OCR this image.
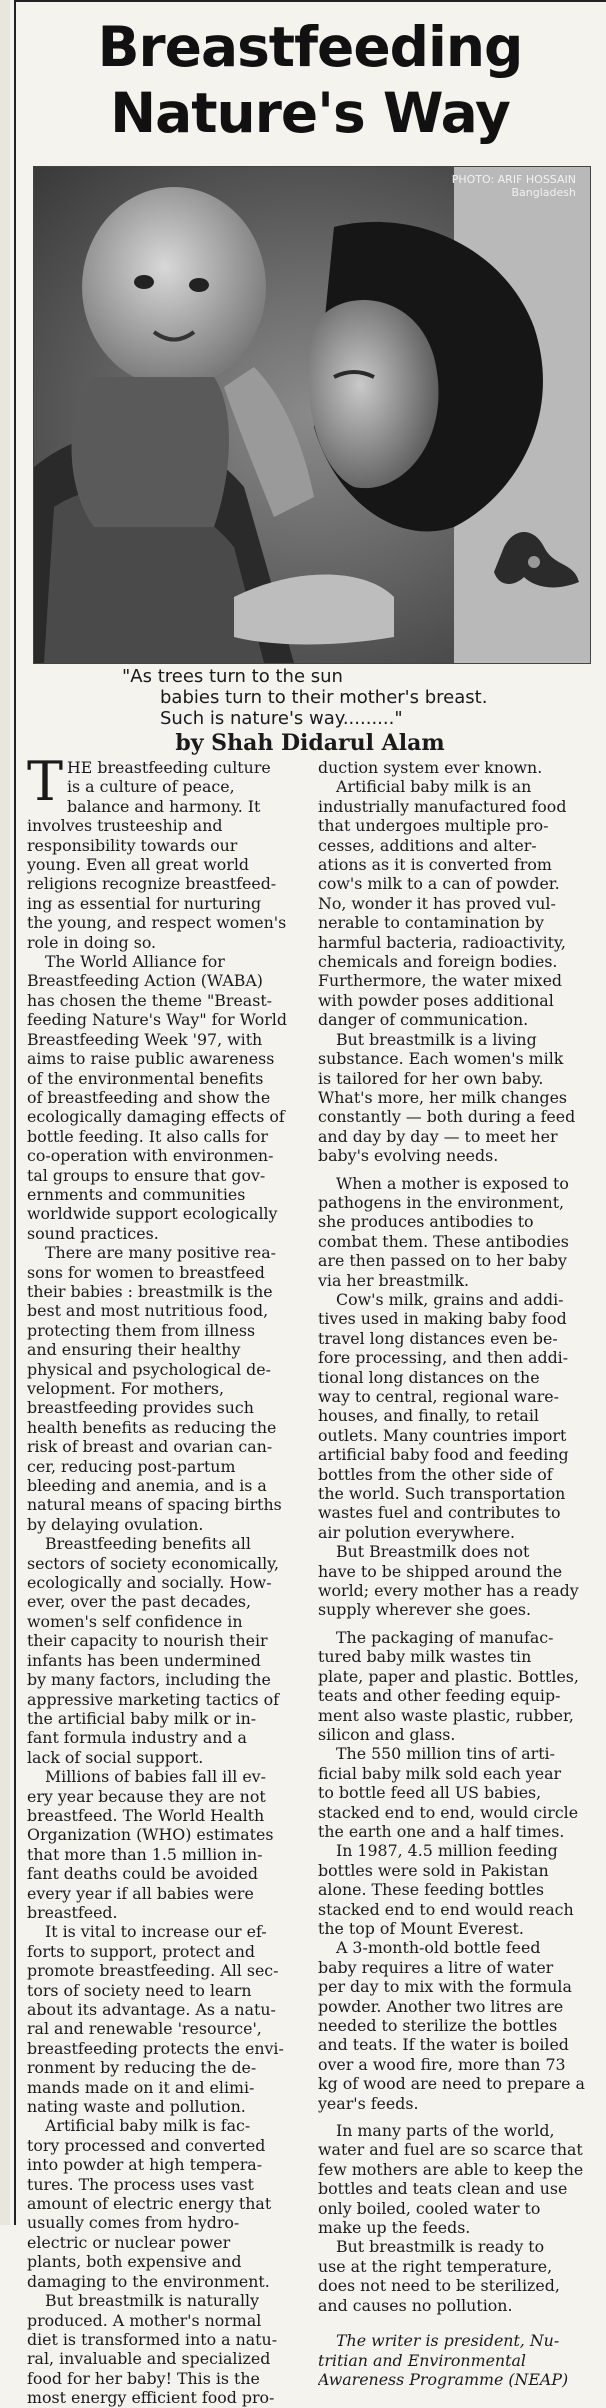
Breastfeeding
Nature's Way
PHOTO: ARIF HOSSAIN
Bangladesh
"As trees turn to the sun
babies turn to their mother's breast.
Such is nature's way........."
by Shah Didarul Alam
T HE breastfeeding culture
is a culture of peace,
balance and harmony. It
involves trusteeship and
responsibility towards our
young. Even all great world
religions recognize breastfeed-
ing as essential for nurturing
the young, and respect women's
role in doing so.
The World Alliance for
Breastfeeding Action (WABA)
has chosen the theme "Breast-
feeding Nature's Way" for World
Breastfeeding Week '97, with
aims to raise public awareness
of the environmental benefits
of breastfeeding and show the
ecologically damaging effects of
bottle feeding. It also calls for
co-operation with environmen-
tal groups to ensure that gov-
ernments and communities
worldwide support ecologically
sound practices.
There are many positive rea-
sons for women to breastfeed
their babies : breastmilk is the
best and most nutritious food,
protecting them from illness
and ensuring their healthy
physical and psychological de-
velopment. For mothers,
breastfeeding provides such
health benefits as reducing the
risk of breast and ovarian can-
cer, reducing post-partum
bleeding and anemia, and is a
natural means of spacing births
by delaying ovulation.
Breastfeeding benefits all
sectors of society economically,
ecologically and socially. How-
ever, over the past decades,
women's self confidence in
their capacity to nourish their
infants has been undermined
by many factors, including the
appressive marketing tactics of
the artificial baby milk or in-
fant formula industry and a
lack of social support.
Millions of babies fall ill ev-
ery year because they are not
breastfeed. The World Health
Organization (WHO) estimates
that more than 1.5 million in-
fant deaths could be avoided
every year if all babies were
breastfeed.
It is vital to increase our ef-
forts to support, protect and
promote breastfeeding. All sec-
tors of society need to learn
about its advantage. As a natu-
ral and renewable 'resource',
breastfeeding protects the envi-
ronment by reducing the de-
mands made on it and elimi-
nating waste and pollution.
Artificial baby milk is fac-
tory processed and converted
into powder at high tempera-
tures. The process uses vast
amount of electric energy that
usually comes from hydro-
electric or nuclear power
plants, both expensive and
damaging to the environment.
But breastmilk is naturally
produced. A mother's normal
diet is transformed into a natu-
ral, invaluable and specialized
food for her baby! This is the
most energy efficient food pro-
duction system ever known.
Artificial baby milk is an
industrially manufactured food
that undergoes multiple pro-
cesses, additions and alter-
ations as it is converted from
cow's milk to a can of powder.
No, wonder it has proved vul-
nerable to contamination by
harmful bacteria, radioactivity,
chemicals and foreign bodies.
Furthermore, the water mixed
with powder poses additional
danger of communication.
But breastmilk is a living
substance. Each women's milk
is tailored for her own baby.
What's more, her milk changes
constantly — both during a feed
and day by day — to meet her
baby's evolving needs.
When a mother is exposed to
pathogens in the environment,
she produces antibodies to
combat them. These antibodies
are then passed on to her baby
via her breastmilk.
Cow's milk, grains and addi-
tives used in making baby food
travel long distances even be-
fore processing, and then addi-
tional long distances on the
way to central, regional ware-
houses, and finally, to retail
outlets. Many countries import
artificial baby food and feeding
bottles from the other side of
the world. Such transportation
wastes fuel and contributes to
air polution everywhere.
But Breastmilk does not
have to be shipped around the
world; every mother has a ready
supply wherever she goes.
The packaging of manufac-
tured baby milk wastes tin
plate, paper and plastic. Bottles,
teats and other feeding equip-
ment also waste plastic, rubber,
silicon and glass.
The 550 million tins of arti-
ficial baby milk sold each year
to bottle feed all US babies,
stacked end to end, would circle
the earth one and a half times.
In 1987, 4.5 million feeding
bottles were sold in Pakistan
alone. These feeding bottles
stacked end to end would reach
the top of Mount Everest.
A 3-month-old bottle feed
baby requires a litre of water
per day to mix with the formula
powder. Another two litres are
needed to sterilize the bottles
and teats. If the water is boiled
over a wood fire, more than 73
kg of wood are need to prepare a
year's feeds.
In many parts of the world,
water and fuel are so scarce that
few mothers are able to keep the
bottles and teats clean and use
only boiled, cooled water to
make up the feeds.
But breastmilk is ready to
use at the right temperature,
does not need to be sterilized,
and causes no pollution.
The writer is president, Nu-
tritian and Environmental
Awareness Programme (NEAP)
